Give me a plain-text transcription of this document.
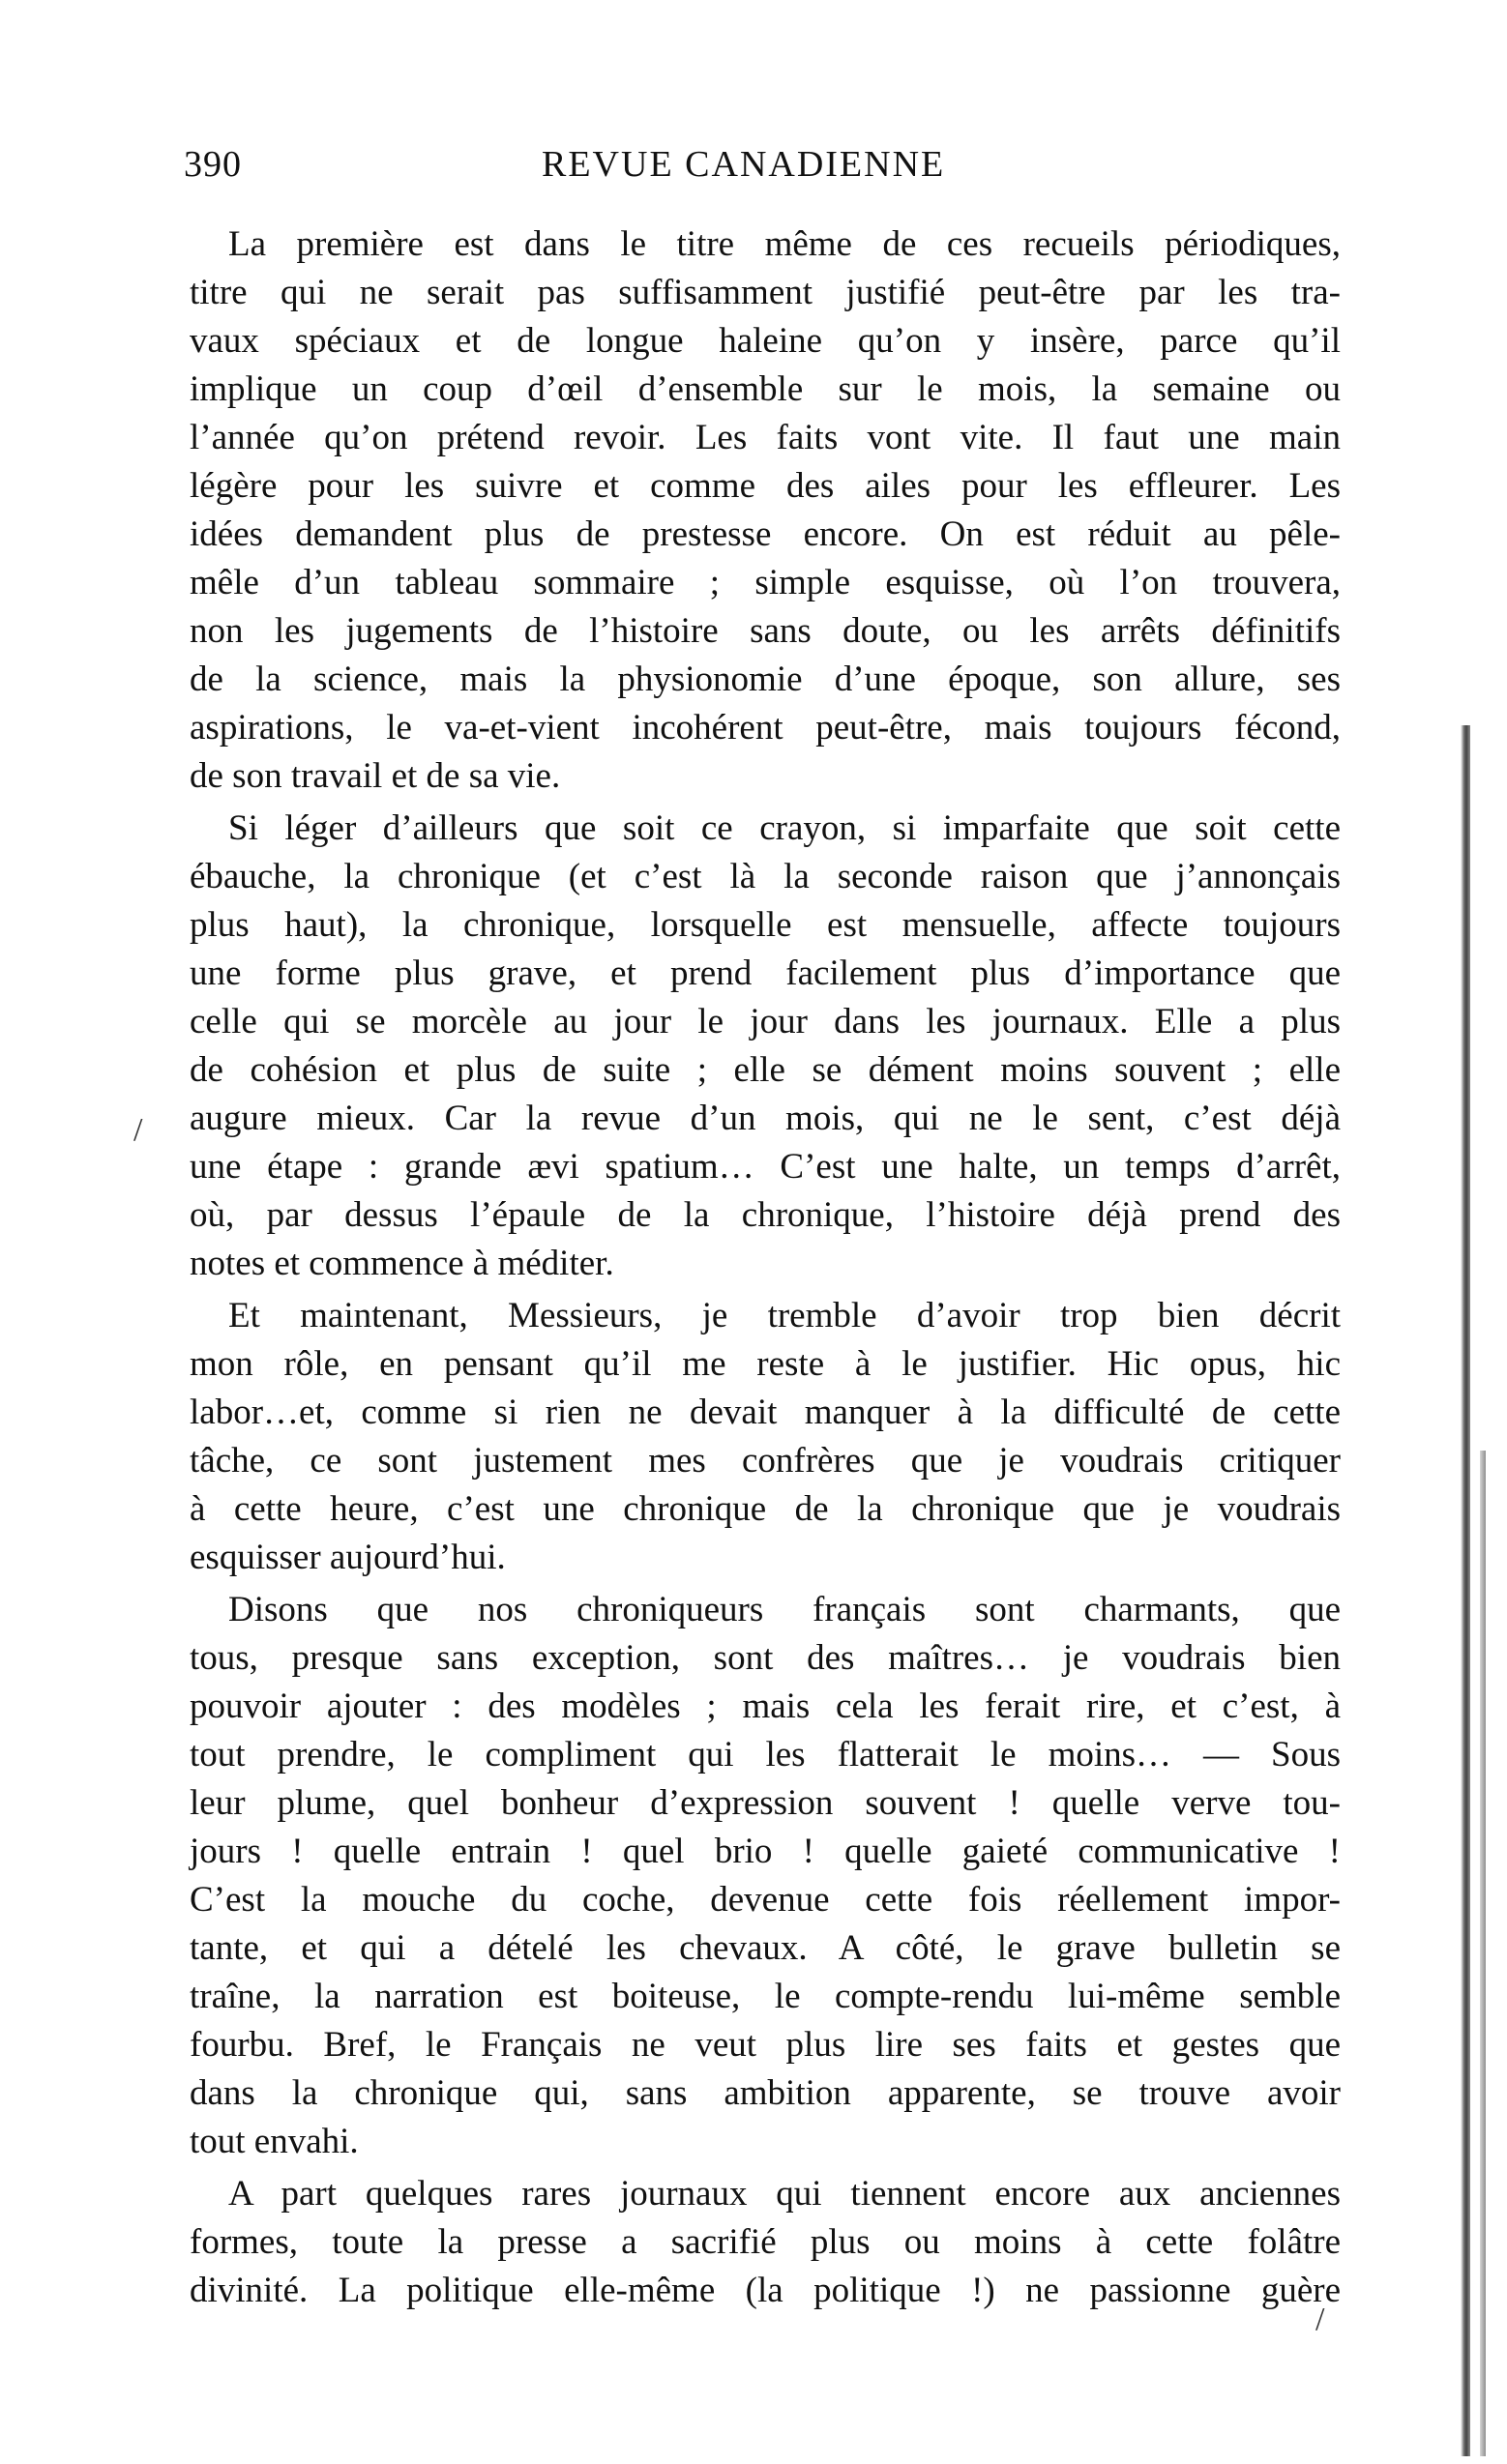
390	REVUE CANADIENNE
La première est dans le titre même de ces recueils périodiques,
titre qui ne serait pas suffisamment justifié peut-être par les tra-
vaux spéciaux et de longue haleine qu’on y insère, parce qu’il
implique un coup d’œil d’ensemble sur le mois, la semaine ou
l’année qu’on prétend revoir. Les faits vont vite. Il faut une main
légère pour les suivre et comme des ailes pour les effleurer. Les
idées demandent plus de prestesse encore. On est réduit au pêle-
mêle d’un tableau sommaire ; simple esquisse, où l’on trouvera,
non les jugements de l’histoire sans doute, ou les arrêts définitifs
de la science, mais la physionomie d’une époque, son allure, ses
aspirations, le va-et-vient incohérent peut-être, mais toujours fécond,
de son travail et de sa vie.
Si léger d’ailleurs que soit ce crayon, si imparfaite que soit cette
ébauche, la chronique (et c’est là la seconde raison que j’annonçais
plus haut), la chronique, lorsquelle est mensuelle, affecte toujours
une forme plus grave, et prend facilement plus d’importance que
celle qui se morcèle au jour le jour dans les journaux. Elle a plus
de cohésion et plus de suite ; elle se dément moins souvent ; elle
augure mieux. Car la revue d’un mois, qui ne le sent, c’est déjà
une étape : grande ævi spatium… C’est une halte, un temps d’arrêt,
où, par dessus l’épaule de la chronique, l’histoire déjà prend des
notes et commence à méditer.
Et maintenant, Messieurs, je tremble d’avoir trop bien décrit
mon rôle, en pensant qu’il me reste à le justifier. Hic opus, hic
labor…et, comme si rien ne devait manquer à la difficulté de cette
tâche, ce sont justement mes confrères que je voudrais critiquer
à cette heure, c’est une chronique de la chronique que je voudrais
esquisser aujourd’hui.
Disons que nos chroniqueurs français sont charmants, que
tous, presque sans exception, sont des maîtres… je voudrais bien
pouvoir ajouter : des modèles ; mais cela les ferait rire, et c’est, à
tout prendre, le compliment qui les flatterait le moins… — Sous
leur plume, quel bonheur d’expression souvent ! quelle verve tou-
jours ! quelle entrain ! quel brio ! quelle gaieté communicative !
C’est la mouche du coche, devenue cette fois réellement impor-
tante, et qui a dételé les chevaux. A côté, le grave bulletin se
traîne, la narration est boiteuse, le compte-rendu lui-même semble
fourbu. Bref, le Français ne veut plus lire ses faits et gestes que
dans la chronique qui, sans ambition apparente, se trouve avoir
tout envahi.
A part quelques rares journaux qui tiennent encore aux anciennes
formes, toute la presse a sacrifié plus ou moins à cette folâtre
divinité. La politique elle-même (la politique !) ne passionne guère
/
/
